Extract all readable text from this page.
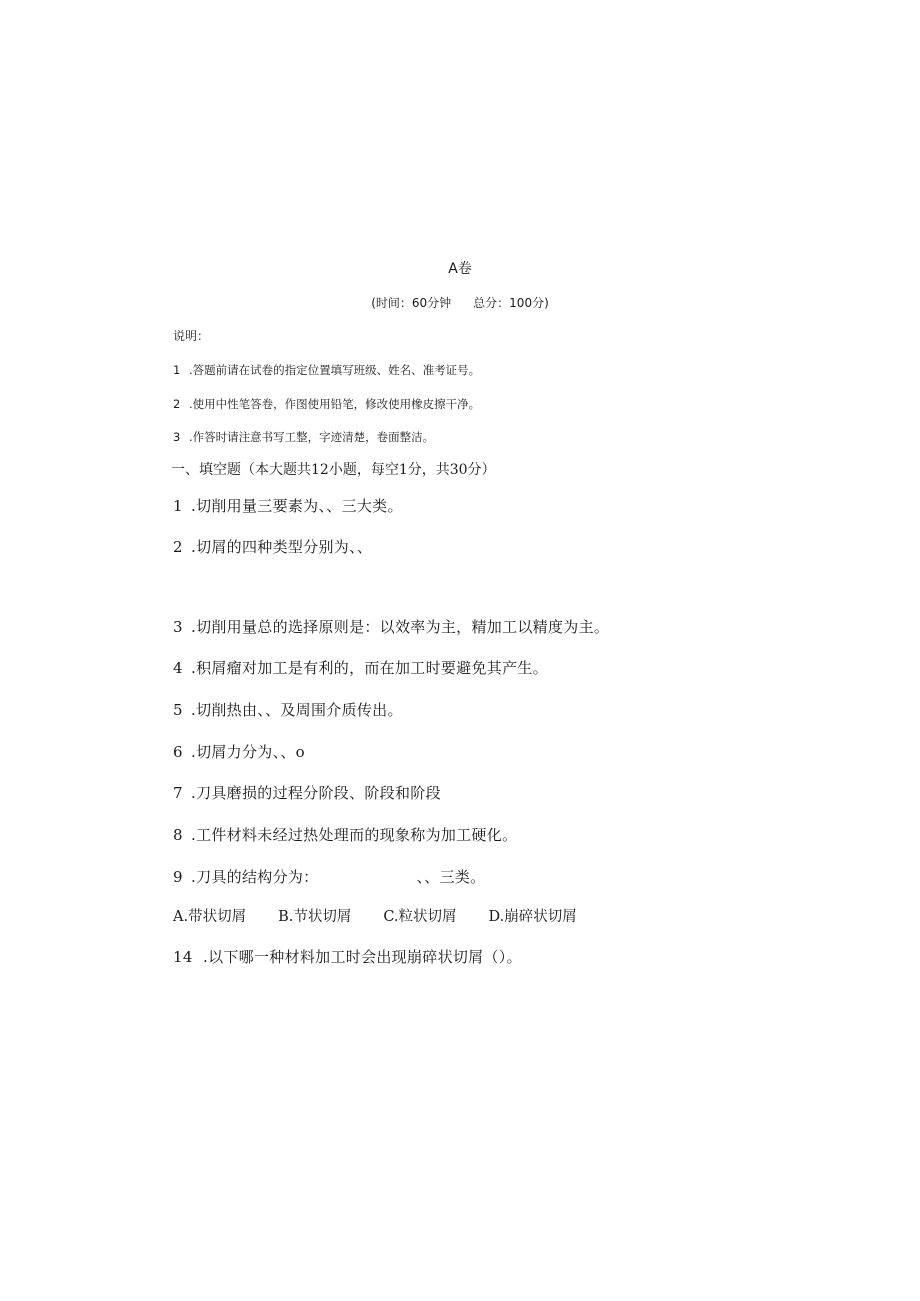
A卷
(时间：60分钟 总分：100分)
说明：
1 .答题前请在试卷的指定位置填写班级、姓名、准考证号。
2 .使用中性笔答卷，作图使用铅笔，修改使用橡皮擦干净。
3 .作答时请注意书写工整，字迹清楚，卷面整洁。
一、填空题（本大题共12小题，每空1分，共30分）
1 .切削用量三要素为、、三大类。
2 .切屑的四种类型分别为、、
3 .切削用量总的选择原则是：以效率为主，精加工以精度为主。
4 .积屑瘤对加工是有利的，而在加工时要避免其产生。
5 .切削热由、、及周围介质传出。
6 .切屑力分为、、o
7 .刀具磨损的过程分阶段、阶段和阶段
8 .工件材料未经过热处理而的现象称为加工硬化。
9 .刀具的结构分为：	、、三类。
A.带状切屑 B.节状切屑 C.粒状切屑 D.崩碎状切屑
14 .以下哪一种材料加工时会出现崩碎状切屑（）。
